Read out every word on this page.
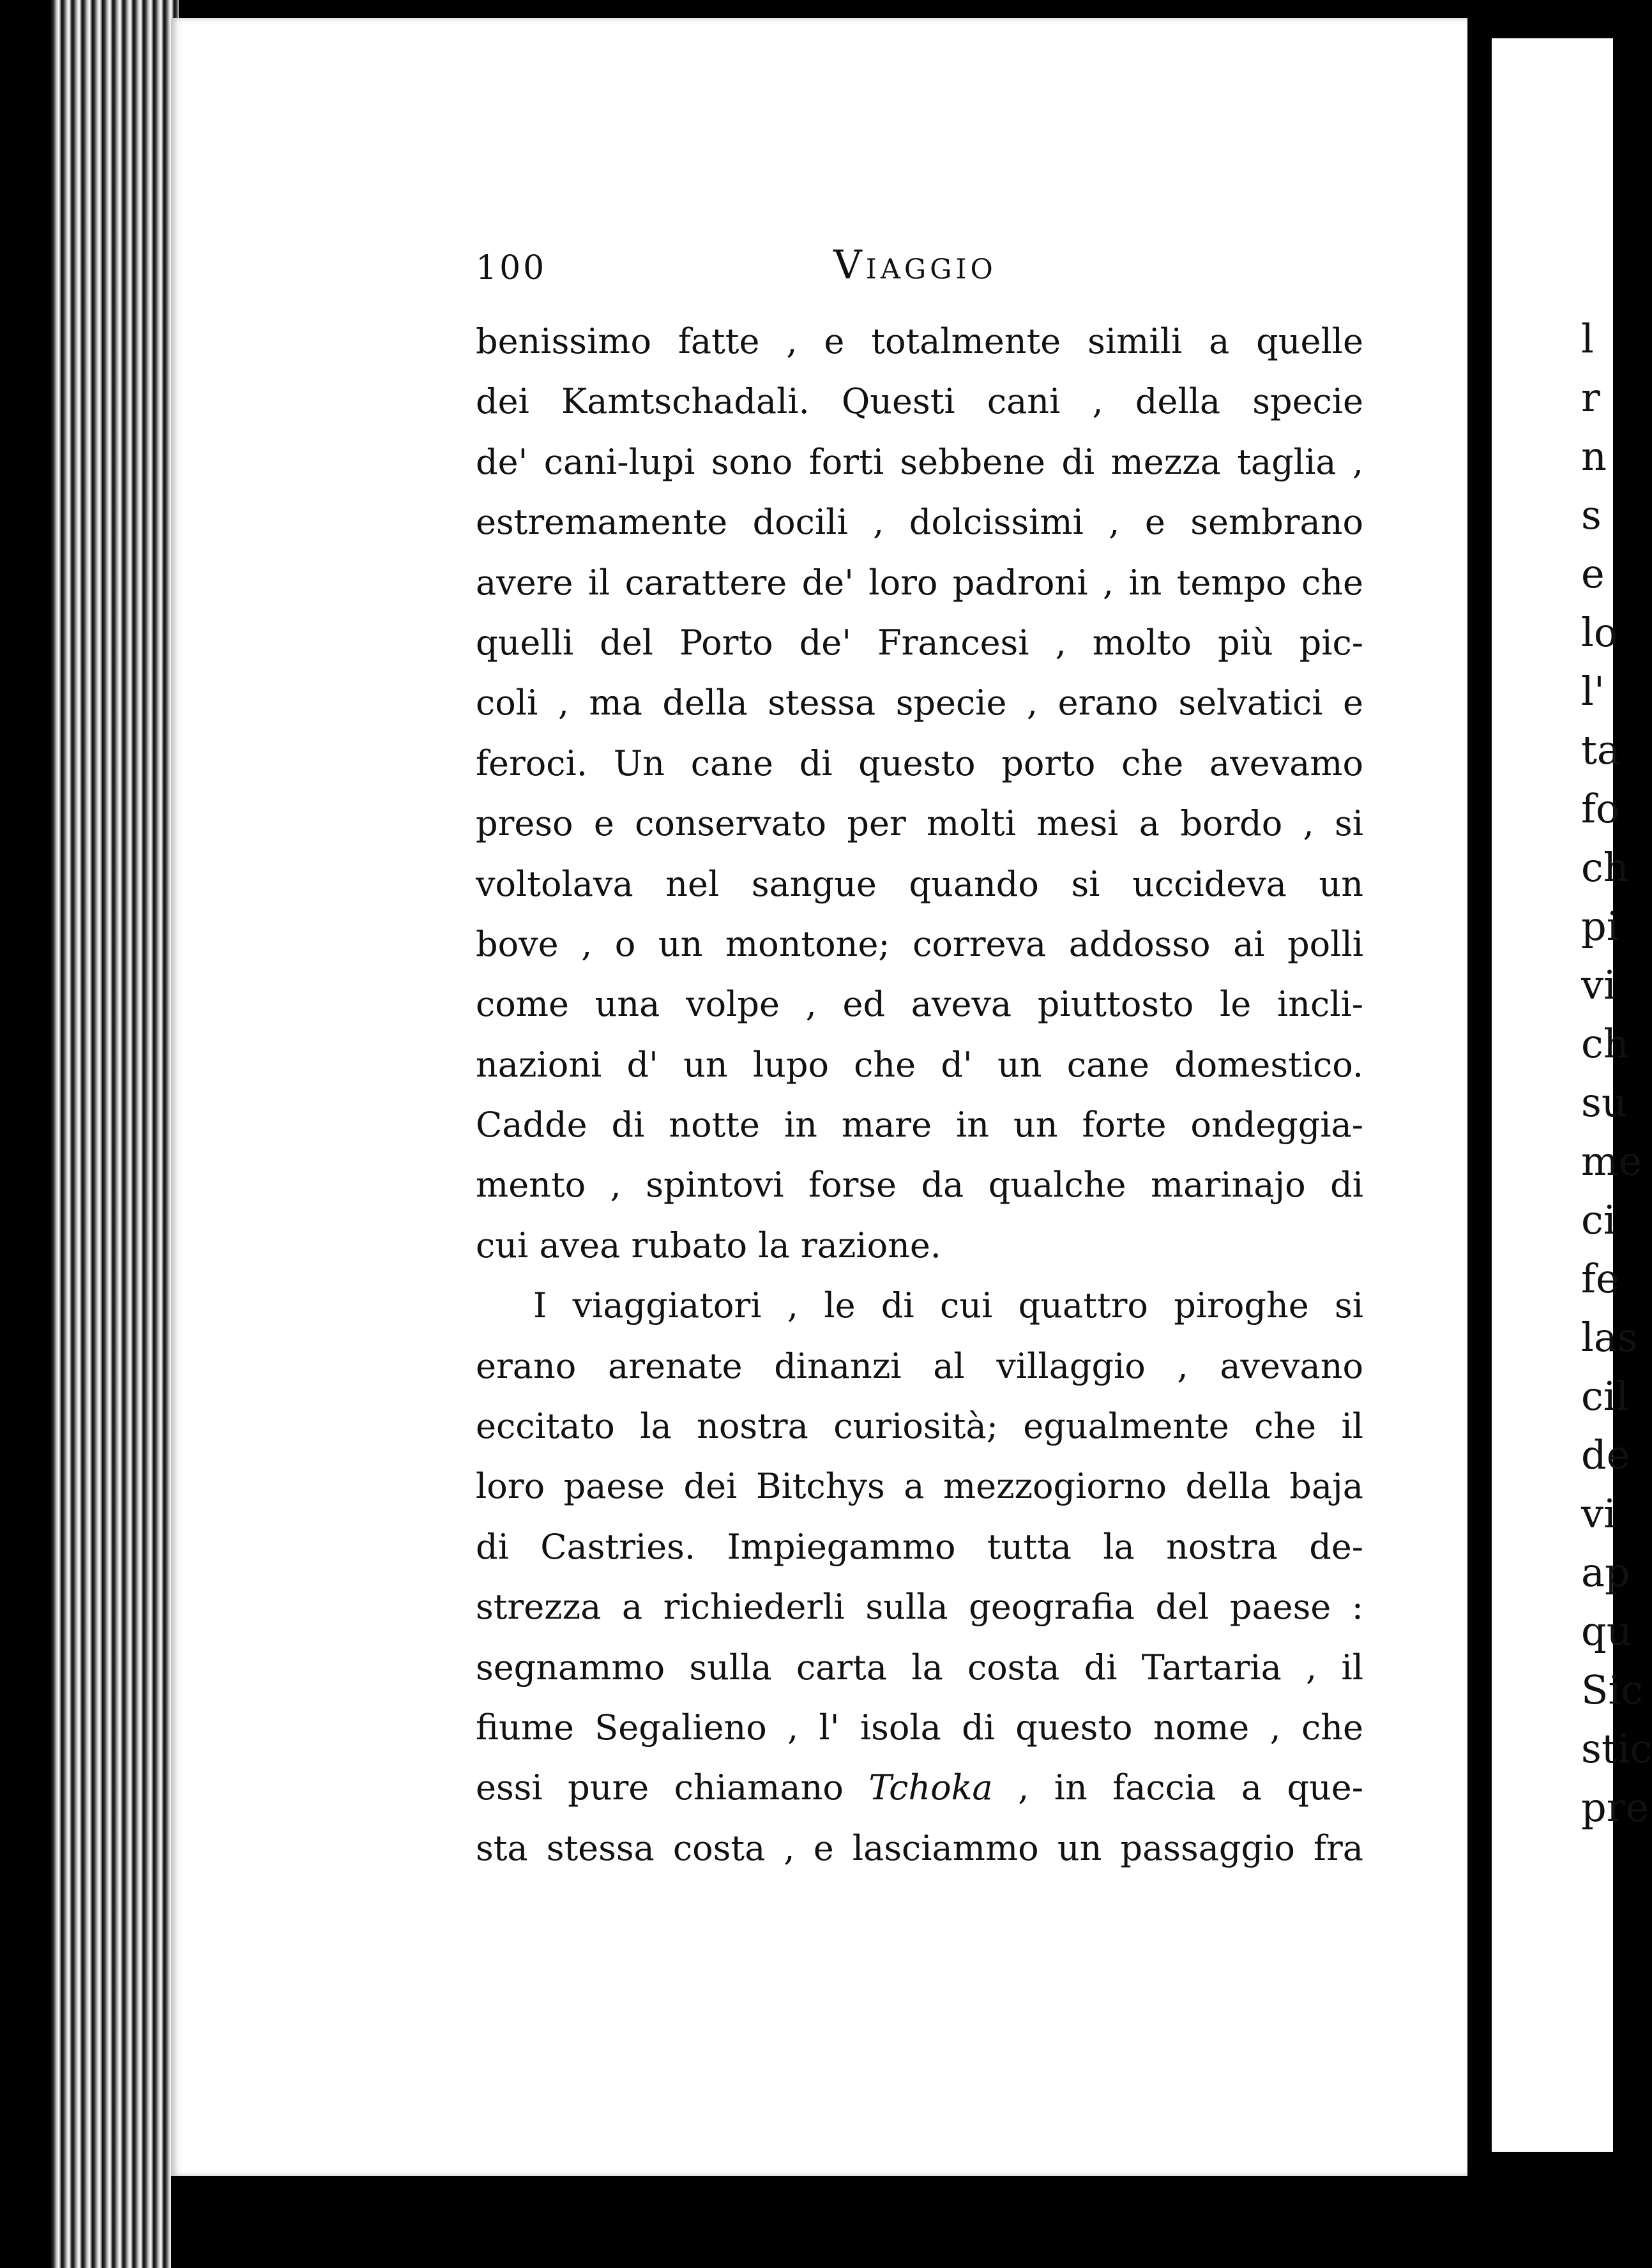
100	Viaggio
benissimo fatte , e totalmente simili a quelle
dei Kamtschadali. Questi cani , della specie
de' cani-lupi sono forti sebbene di mezza taglia ,
estremamente docili , dolcissimi , e sembrano
avere il carattere de' loro padroni , in tempo che
quelli del Porto de' Francesi , molto più pic-
coli , ma della stessa specie , erano selvatici e
feroci. Un cane di questo porto che avevamo
preso e conservato per molti mesi a bordo , si
voltolava nel sangue quando si uccideva un
bove , o un montone; correva addosso ai polli
come una volpe , ed aveva piuttosto le incli-
nazioni d' un lupo che d' un cane domestico.
Cadde di notte in mare in un forte ondeggia-
mento , spintovi forse da qualche marinajo di
cui avea rubato la razione.
I viaggiatori , le di cui quattro piroghe si
erano arenate dinanzi al villaggio , avevano
eccitato la nostra curiosità; egualmente che il
loro paese dei Bitchys a mezzogiorno della baja
di Castries. Impiegammo tutta la nostra de-
strezza a richiederli sulla geografia del paese :
segnammo sulla carta la costa di Tartaria , il
fiume Segalieno , l' isola di questo nome , che
essi pure chiamano Tchoka , in faccia a que-
sta stessa costa , e lasciammo un passaggio fra
l
r
n
s
e
lo
l'
ta
fo
ch
pi
vi
ch
su
me
ci
fe
las
cil
de
vi
ap
qu
Sic
stic
pre
